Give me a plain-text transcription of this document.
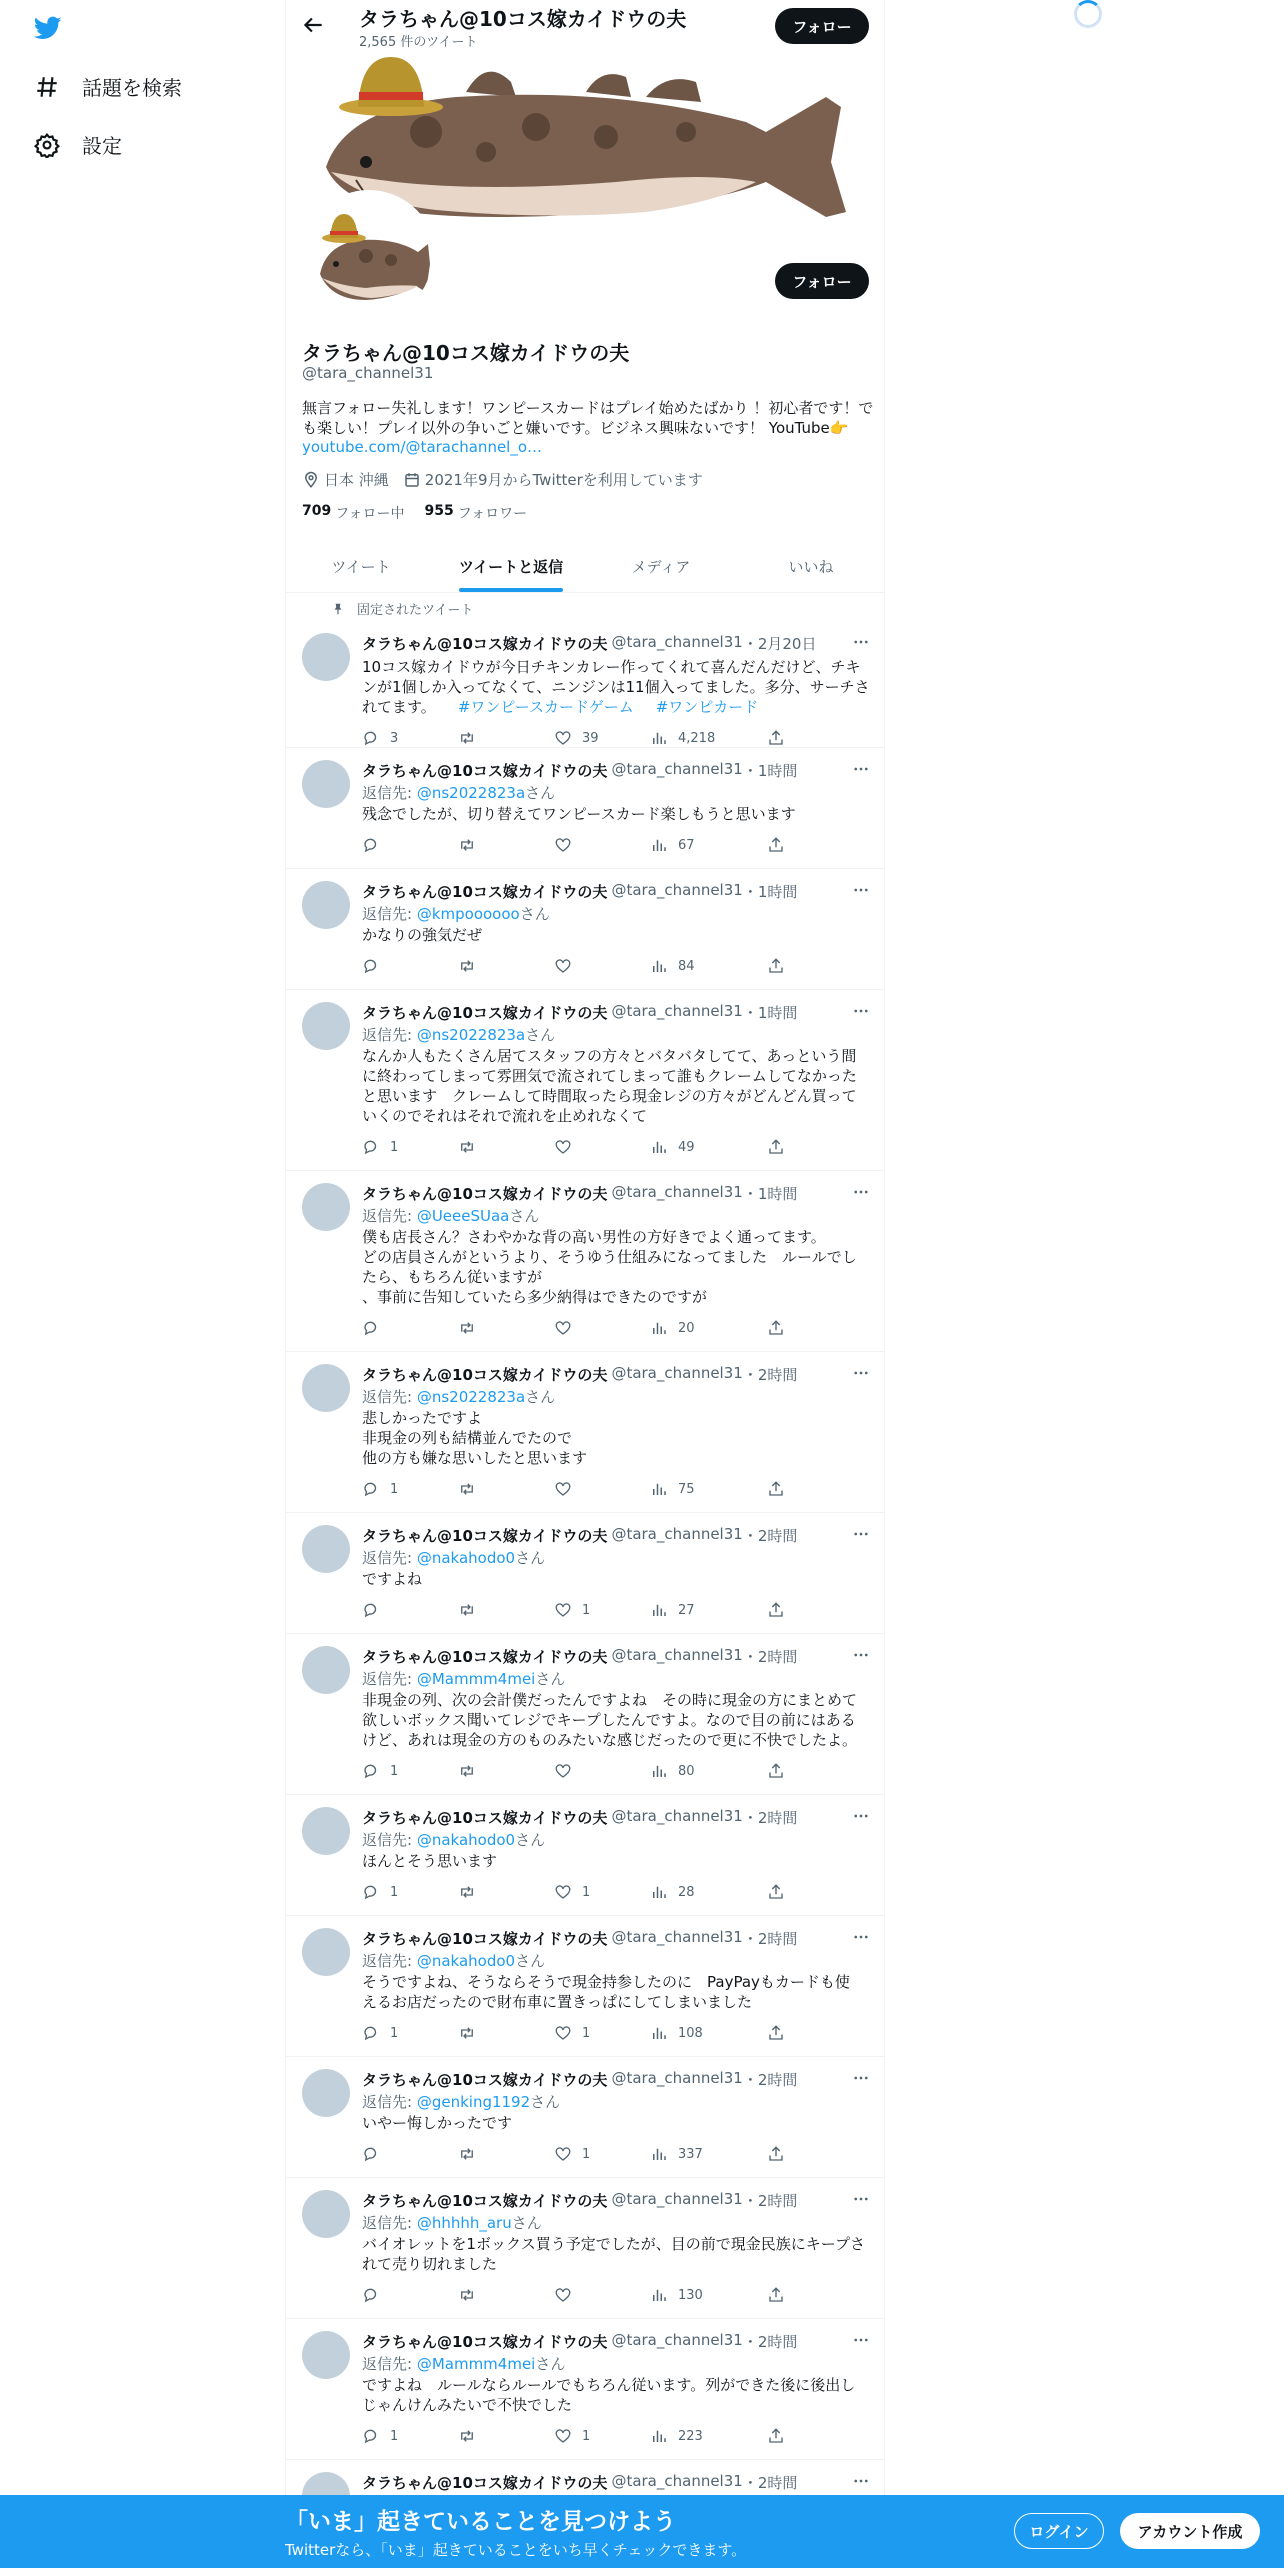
話題を検索
設定
タラちゃん@10コス嫁カイドウの夫
2,565 件のツイート
フォロー
フォロー
タラちゃん@10コス嫁カイドウの夫
@tara_channel31
無言フォロー失礼します！ワンピースカードはプレイ始めたばかり ！初心者です！でも楽しい！プレイ以外の争いごと嫌いです。ビジネス興味ないです！ YouTube👉
youtube.com/@tarachannel_o…
日本 沖縄 2021年9月からTwitterを利用しています
709 フォロー中 955 フォロワー
ツイート	ツイートと返信	メディア	いいね
固定されたツイート
タラちゃん@10コス嫁カイドウの夫 @tara_channel31 ・2月20日
10コス嫁カイドウが今日チキンカレー作ってくれて喜んだんだけど、チキ
ンが1個しか入ってなくて、ニンジンは11個入ってました。多分、サーチさ
れてます。 #ワンピースカードゲーム #ワンピカード
3	39	4,218
タラちゃん@10コス嫁カイドウの夫 @tara_channel31 ・1時間
返信先: @ns2022823aさん
残念でしたが、切り替えてワンピースカード楽しもうと思います
67
タラちゃん@10コス嫁カイドウの夫 @tara_channel31 ・1時間
返信先: @kmpooooooさん
かなりの強気だぜ
84
タラちゃん@10コス嫁カイドウの夫 @tara_channel31 ・1時間
返信先: @ns2022823aさん
なんか人もたくさん居てスタッフの方々とバタバタしてて、あっという間
に終わってしまって雰囲気で流されてしまって誰もクレームしてなかった
と思います　クレームして時間取ったら現金レジの方々がどんどん買って
いくのでそれはそれで流れを止めれなくて
1	49
タラちゃん@10コス嫁カイドウの夫 @tara_channel31 ・1時間
返信先: @UeeeSUaaさん
僕も店長さん？さわやかな背の高い男性の方好きでよく通ってます。
どの店員さんがというより、そうゆう仕組みになってました　ルールでし
たら、もちろん従いますが
、事前に告知していたら多少納得はできたのですが
20
タラちゃん@10コス嫁カイドウの夫 @tara_channel31 ・2時間
返信先: @ns2022823aさん
悲しかったですよ
非現金の列も結構並んでたので
他の方も嫌な思いしたと思います
1	75
タラちゃん@10コス嫁カイドウの夫 @tara_channel31 ・2時間
返信先: @nakahodo0さん
ですよね
1	27
タラちゃん@10コス嫁カイドウの夫 @tara_channel31 ・2時間
返信先: @Mammm4meiさん
非現金の列、次の会計僕だったんですよね　その時に現金の方にまとめて
欲しいボックス聞いてレジでキープしたんですよ。なので目の前にはある
けど、あれは現金の方のものみたいな感じだったので更に不快でしたよ。
1	80
タラちゃん@10コス嫁カイドウの夫 @tara_channel31 ・2時間
返信先: @nakahodo0さん
ほんとそう思います
1	1	28
タラちゃん@10コス嫁カイドウの夫 @tara_channel31 ・2時間
返信先: @nakahodo0さん
そうですよね、そうならそうで現金持参したのに　PayPayもカードも使
えるお店だったので財布車に置きっぱにしてしまいました
1	1	108
タラちゃん@10コス嫁カイドウの夫 @tara_channel31 ・2時間
返信先: @genking1192さん
いやー悔しかったです
1	337
タラちゃん@10コス嫁カイドウの夫 @tara_channel31 ・2時間
返信先: @hhhhh_aruさん
バイオレットを1ボックス買う予定でしたが、目の前で現金民族にキープさ
れて売り切れました
130
タラちゃん@10コス嫁カイドウの夫 @tara_channel31 ・2時間
返信先: @Mammm4meiさん
ですよね　ルールならルールでもちろん従います。列ができた後に後出し
じゃんけんみたいで不快でした
1	1	223
タラちゃん@10コス嫁カイドウの夫 @tara_channel31 ・2時間
「いま」起きていることを見つけよう
Twitterなら、「いま」起きていることをいち早くチェックできます。
ログイン	アカウント作成
